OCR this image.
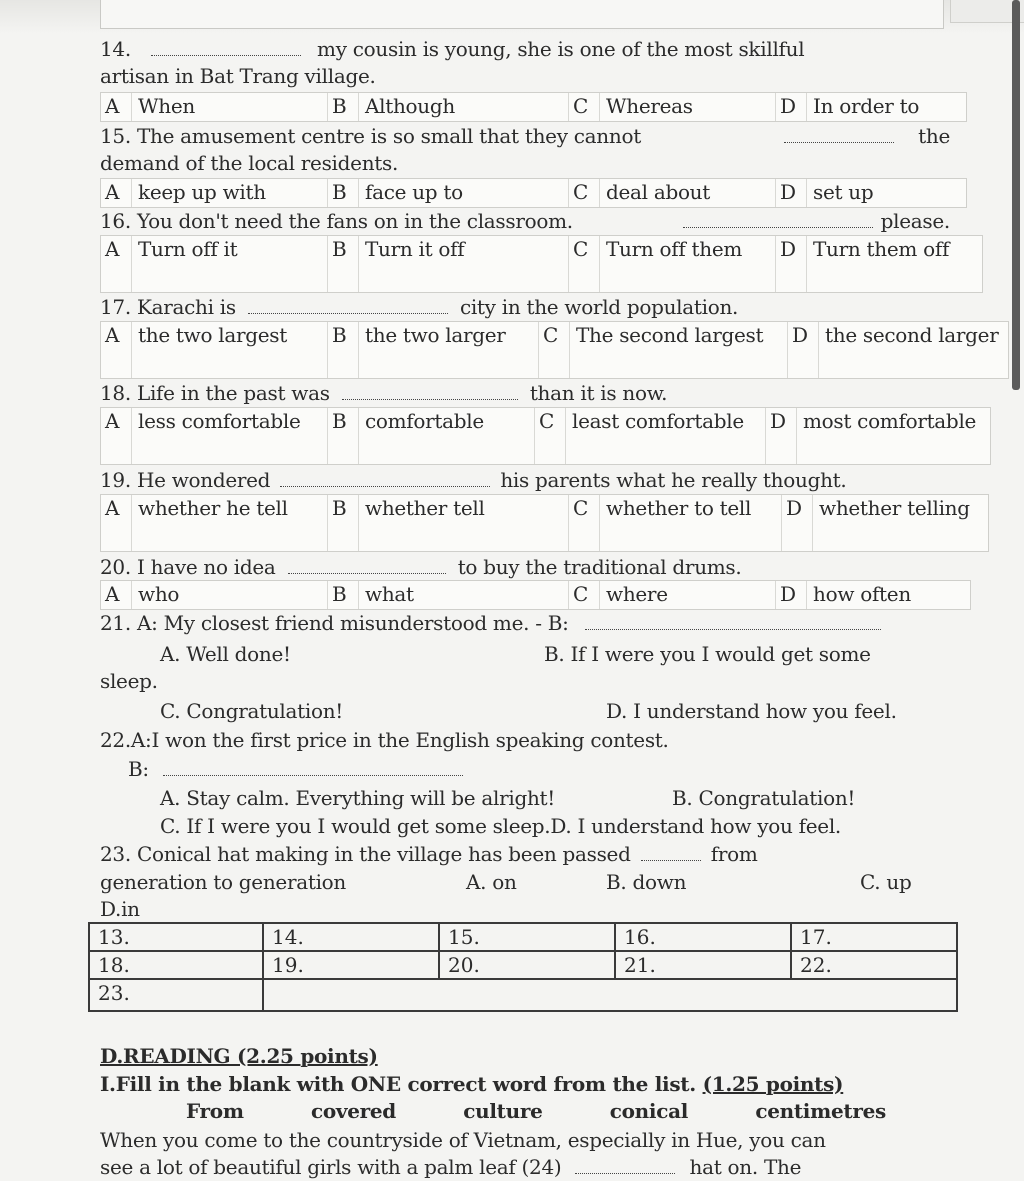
14.	my cousin is young, she is one of the most skillful
artisan in Bat Trang village.
A When	B Although	C Whereas	D In order to
15. The amusement centre is so small that they cannot	the
demand of the local residents.
A keep up with	B face up to	C deal about	D set up
16. You don't need the fans on in the classroom.	please.
A Turn off it	B Turn it off	C Turn off them	D Turn them off
17. Karachi is	city in the world population.
A the two largest B the two larger	C The second largest	D the second larger
18. Life in the past was	than it is now.
A less comfortable	B comfortable	C least comfortable	D most comfortable
19. He wondered	his parents what he really thought.
A whether he tell B whether tell	C whether to tell	D whether telling
20. I have no idea	to buy the traditional drums.
A who	B what	C where	D how often
21. A: My closest friend misunderstood me. - B:
A. Well done!	B. If I were you I would get some
sleep.
C. Congratulation!	D. I understand how you feel.
22.A:I won the first price in the English speaking contest.
B:
A. Stay calm. Everything will be alright!	B. Congratulation!
C. If I were you I would get some sleep.D. I understand how you feel.
23. Conical hat making in the village has been passed	from
generation to generation	A. on	B. down	C. up
D.in
13.	14.	15.	16.	17.
18.	19.	20.	21.	22.
23.				
D.READING (2.25 points)
I.Fill in the blank with ONE correct word from the list. (1.25 points)
From	covered	culture	conical	centimetres
When you come to the countryside of Vietnam, especially in Hue, you can
see a lot of beautiful girls with a palm leaf (24)	hat on. The
